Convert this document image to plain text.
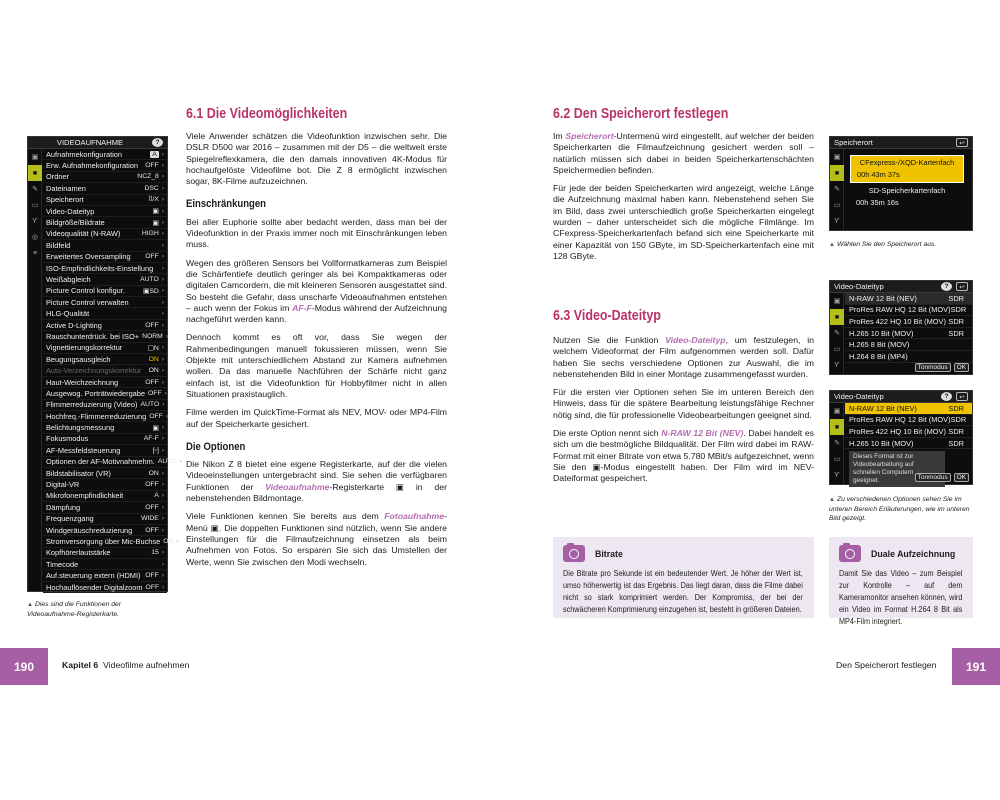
VIDEOAUFNAHME	?
▣
■
✎
▭
Ƴ
◎
≡
Aufnahmekonfiguration	A ›
Erw. Aufnahmekonfiguration	OFF ›
Ordner	NCZ_8 ›
Dateinamen	DSC ›
Speicherort	⌷/X ›
Video-Dateityp	▣ ›
Bildgröße/Bildrate	▣ ›
Videoqualität (N-RAW)	HIGH ›
Bildfeld	›
Erweitertes Oversampling	OFF ›
ISO-Empfindlichkeits-Einstellung	›
Weißabgleich	AUTO ›
Picture Control konfigur.	▣SD ›
Picture Control verwalten	›
HLG-Qualität	›
Active D-Lighting	OFF ›
Rauschunterdrück. bei ISO+ NORM ›
Vignettierungskorrektur	▢N ›
Beugungsausgleich	ON ›
Auto-Verzeichnungskorrektur	ON ›
Haut-Weichzeichnung	OFF ›
Ausgewog. Porträtwiedergabe OFF ›
Flimmerreduzierung (Video) AUTO ›
Hochfreq.-Flimmerreduzierung OFF ›
Belichtungsmessung	▣ ›
Fokusmodus	AF-F ›
AF-Messfeldsteuerung	[▫] ›
Optionen der AF-Motivnahmehm. AUTO ›
Bildstabilisator (VR)	ON ›
Digital-VR	OFF ›
Mikrofonempfindlichkeit	A ›
Dämpfung	OFF ›
Frequenzgang	WIDE ›
Windgeräuschreduzierung	OFF ›
Stromversorgung über Mic-Buchse ON ›
Kopfhörerlautstärke	15 ›
Timecode	›
Auf.steuerung extern (HDMI) OFF ›
Hochauflösender Digitalzoom OFF ›
▲ Dies sind die Funktionen der Videoaufnahme-Registerkarte.
6.1 Die Videomöglichkeiten

Viele Anwender schätzen die Videofunktion inzwischen sehr. Die DSLR D500 war 2016 – zusammen mit der D5 – die weltweit erste Spiegelreflexkamera, die den damals innovativen 4K-Modus für hochaufgelöste Videofilme bot. Die Z 8 ermöglicht inzwischen sogar, 8K-Filme aufzuzeichnen.

Einschränkungen

Bei aller Euphorie sollte aber bedacht werden, dass man bei der Videofunktion in der Praxis immer noch mit Einschränkungen leben muss.

Wegen des größeren Sensors bei Vollformatkameras zum Beispiel die Schärfentiefe deutlich geringer als bei Kompaktkameras oder digitalen Camcordern, die mit kleineren Sensoren ausgestattet sind. So besteht die Gefahr, dass unscharfe Videoaufnahmen entstehen – auch wenn der Fokus im AF-F-Modus während der Aufzeichnung nachgeführt werden kann.

Dennoch kommt es oft vor, dass Sie wegen der Rahmenbedingungen manuell fokussieren müssen, wenn Sie Objekte mit unterschiedlichem Abstand zur Kamera aufnehmen wollen. Da das manuelle Nachführen der Schärfe nicht ganz einfach ist, ist die Videofunktion für Hobbyfilmer nicht in allen Situationen praxistauglich.

Filme werden im QuickTime-Format als NEV, MOV- oder MP4-Film auf der Speicherkarte gesichert.

Die Optionen

Die Nikon Z 8 bietet eine eigene Registerkarte, auf der die vielen Videoeinstellungen untergebracht sind. Sie sehen die verfügbaren Funktionen der Videoaufnahme-Registerkarte ▣ in der nebenstehenden Bildmontage.

Viele Funktionen kennen Sie bereits aus dem Fotoaufnahme-Menü ▣. Die doppelten Funktionen sind nützlich, wenn Sie andere Einstellungen für die Filmaufzeichnung einsetzen als beim Aufnehmen von Fotos. So ersparen Sie sich das Umstellen der Werte, wenn Sie zwischen den Modi wechseln.

190	Kapitel 6 Videofilme aufnehmen
6.2 Den Speicherort festlegen

Im Speicherort-Untermenü wird eingestellt, auf welcher der beiden Speicherkarten die Filmaufzeichnung gesichert werden soll – natürlich müssen sich dabei in beiden Speicherkartenschächten Speichermedien befinden.

Für jede der beiden Speicherkarten wird angezeigt, welche Länge die Aufzeichnung maximal haben kann. Nebenstehend sehen Sie im Bild, dass zwei unterschiedlich große Speicherkarten eingelegt wurden – daher unterscheidet sich die mögliche Filmlänge. Im CFexpress-Speicherkartenfach befand sich eine Speicherkarte mit einer Kapazität von 150 GByte, im SD-Speicherkartenfach eine mit 128 GByte.

6.3 Video-Dateityp

Nutzen Sie die Funktion Video-Dateityp, um festzulegen, in welchem Videoformat der Film aufgenommen werden soll. Dafür haben Sie sechs verschiedene Optionen zur Auswahl, die im nebenstehenden Bild in einer Montage zusammengefasst wurden.

Für die ersten vier Optionen sehen Sie im unteren Bereich den Hinweis, dass für die spätere Bearbeitung leistungsfähige Rechner nötig sind, die für professionelle Videobearbeitungen geeignet sind.

Die erste Option nennt sich N-RAW 12 Bit (NEV). Dabei handelt es sich um die bestmögliche Bildqualität. Der Film wird dabei im RAW-Format mit einer Bitrate von etwa 5.780 MBit/s aufgezeichnet, wenn Sie den ▣-Modus eingestellt haben. Der Film wird im NEV-Dateiformat gespeichert.

Speicherort	↩
▣
■
✎
▭
Ƴ
CFexpress-/XQD-Kartenfach
00h 43m 37s
SD-Speicherkartenfach
00h 35m 16s
▲ Wählen Sie den Speicherort aus.
Video-Dateityp	?	↩
▣
■
✎
▭
Ƴ
N-RAW 12 Bit (NEV)	SDR
ProRes RAW HQ 12 Bit (MOV) SDR
ProRes 422 HQ 10 Bit (MOV) SDR
H.265 10 Bit (MOV)	SDR
H.265 8 Bit (MOV)
H.264 8 Bit (MP4)
Tonmodus	OK
Video-Dateityp	?	↩
▣
■
✎
▭
Ƴ
N-RAW 12 Bit (NEV)	SDR
ProRes RAW HQ 12 Bit (MOV) SDR
ProRes 422 HQ 10 Bit (MOV) SDR
H.265 10 Bit (MOV)	SDR
Dieses Format ist zur Videobearbeitung auf schnellen Computern geeignet.	Tonmodus	OK
▲ Zu verschiedenen Optionen sehen Sie im unteren Bereich Erläuterungen, wie im unteren Bild gezeigt.
Bitrate
Die Bitrate pro Sekunde ist ein bedeutender Wert. Je höher der Wert ist, umso höherwertig ist das Ergebnis. Das liegt daran, dass die Filme dabei nicht so stark komprimiert werden. Der Kompromiss, der bei der schwächeren Komprimierung einzugehen ist, besteht in größeren Dateien.
Duale Aufzeichnung
Damit Sie das Video – zum Beispiel zur Kontrolle – auf dem Kameramonitor ansehen können, wird ein Video im Format H.264 8 Bit als MP4-Film integriert.
Den Speicherort festlegen	191
